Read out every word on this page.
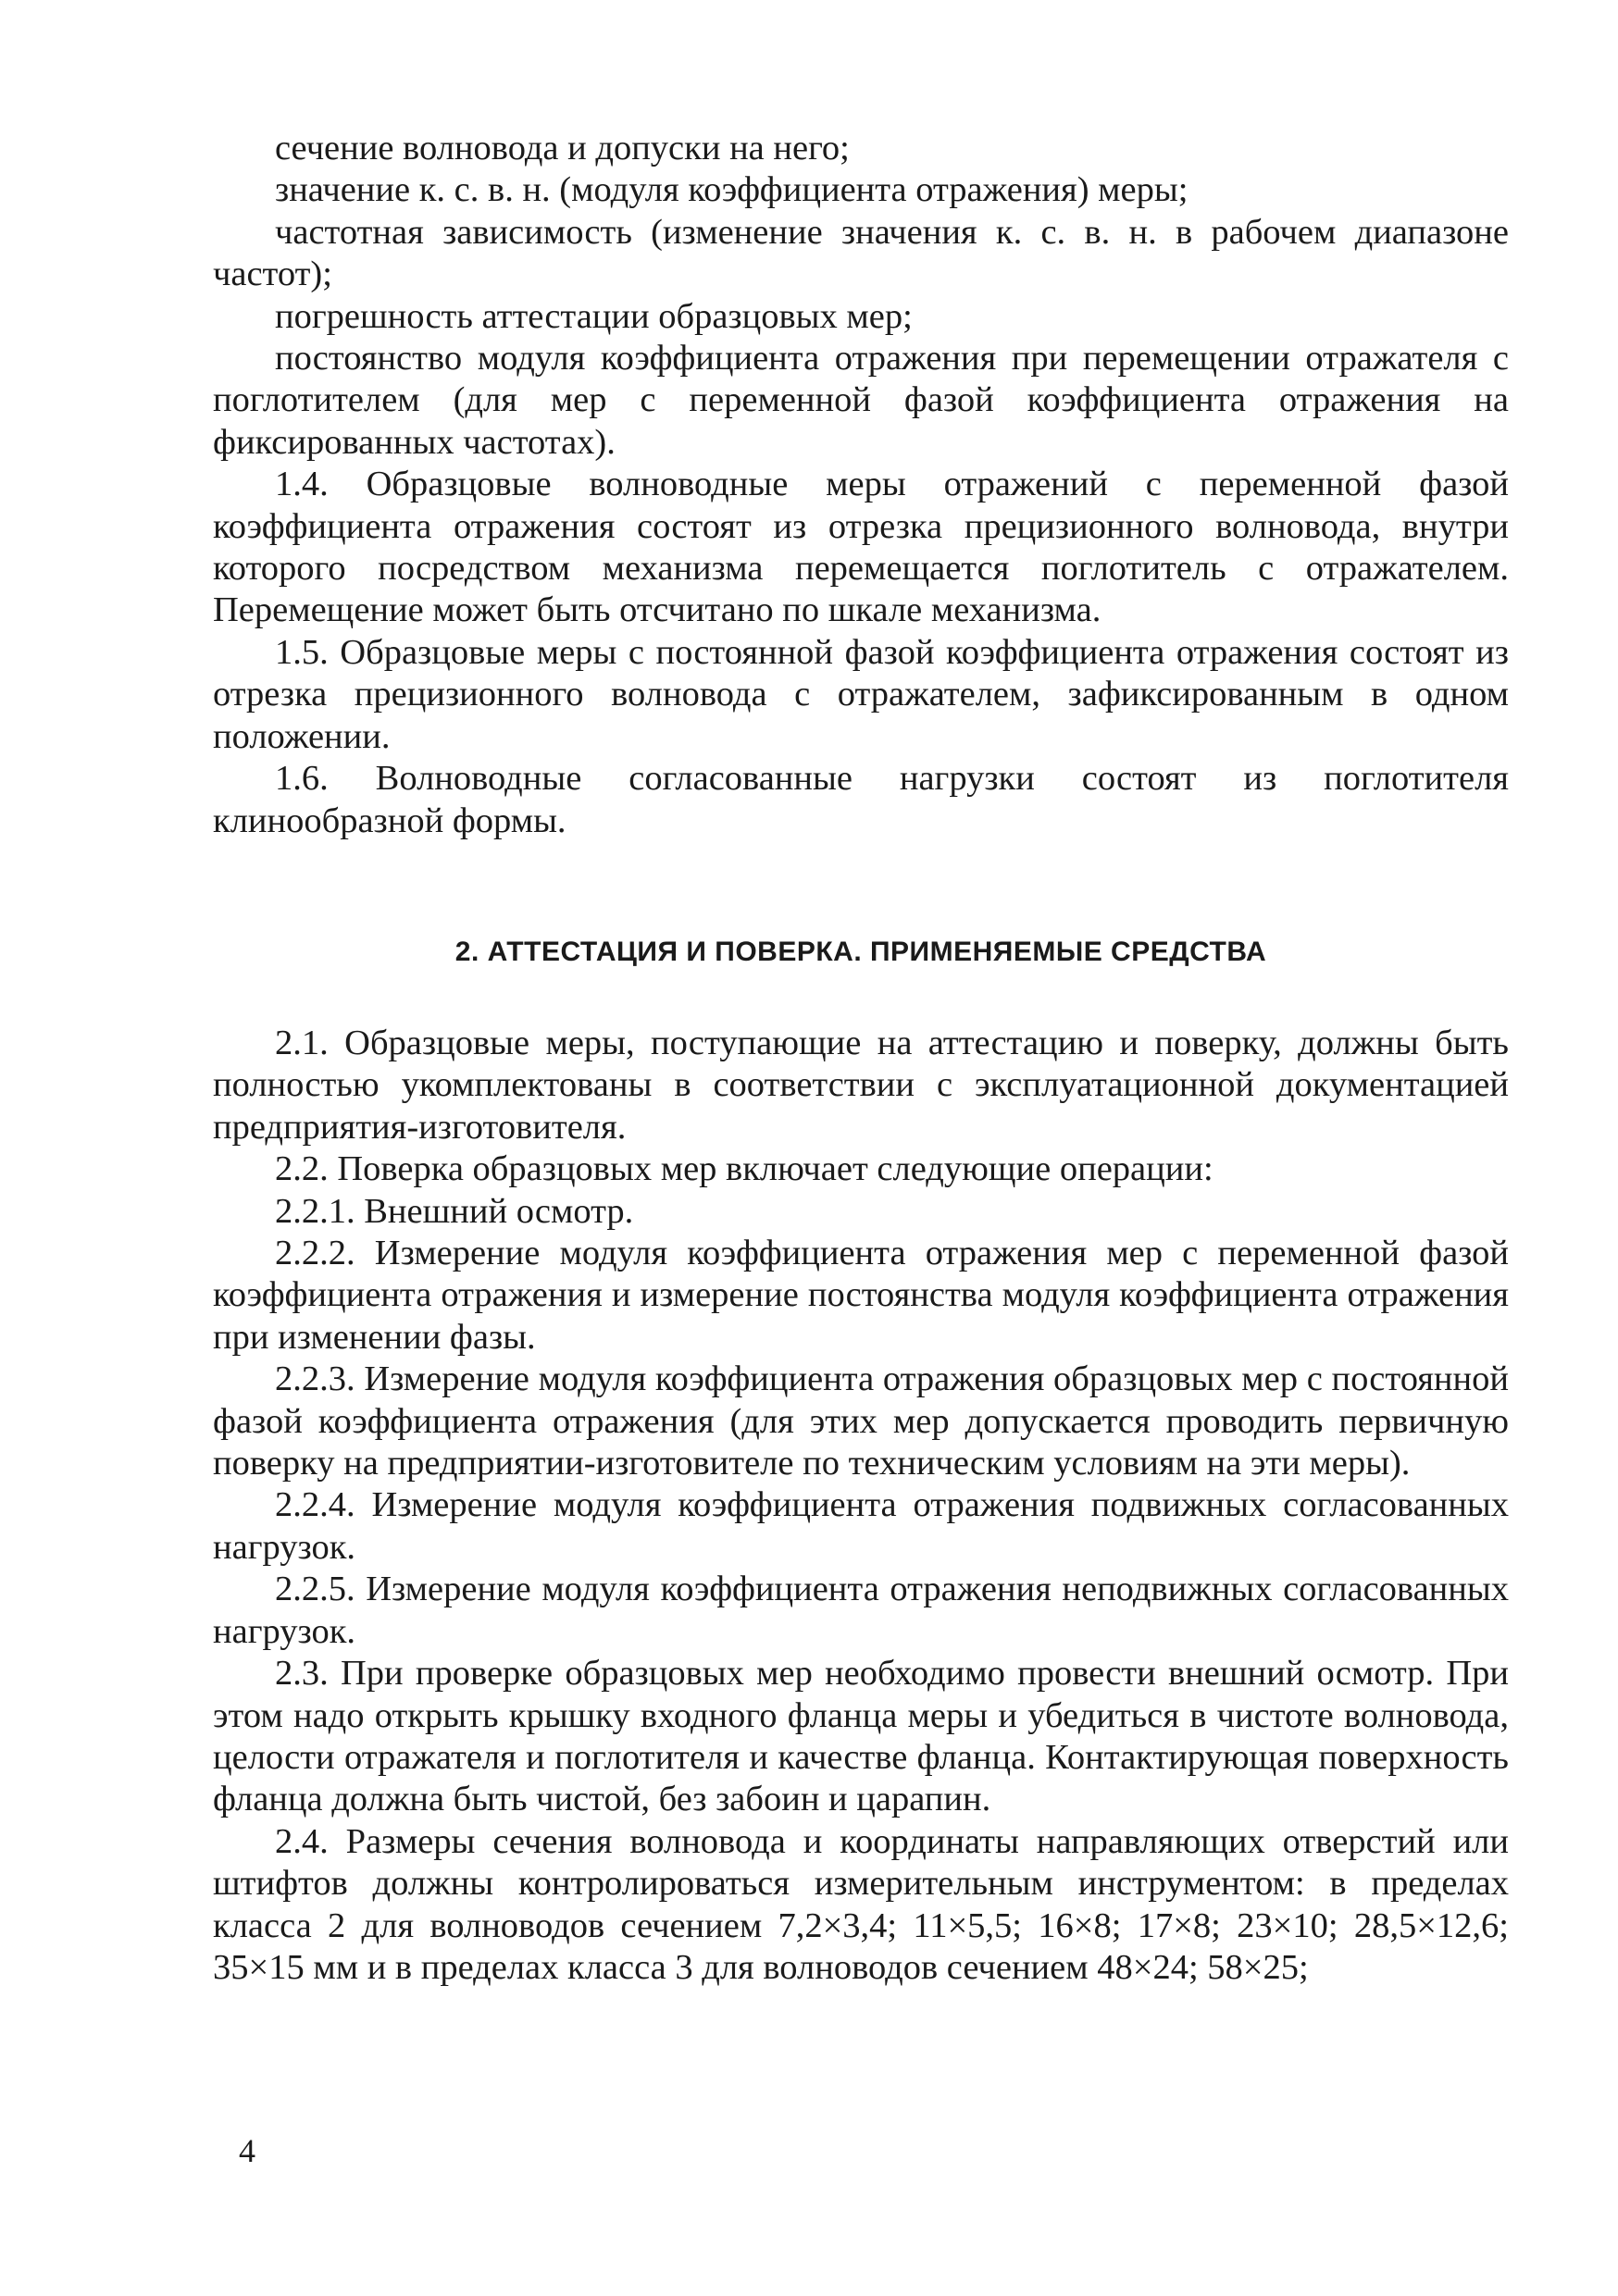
сечение волновода и допуски на него;

значение к. с. в. н. (модуля коэффициента отражения) меры;

частотная зависимость (изменение значения к. с. в. н. в рабочем диапазоне частот);

погрешность аттестации образцовых мер;

постоянство модуля коэффициента отражения при перемещении отражателя с поглотителем (для мер с переменной фазой коэффициента отражения на фиксированных частотах).

1.4. Образцовые волноводные меры отражений с переменной фазой коэффициента отражения состоят из отрезка прецизионного волновода, внутри которого посредством механизма перемещается поглотитель с отражателем. Перемещение может быть отсчитано по шкале механизма.

1.5. Образцовые меры с постоянной фазой коэффициента отражения состоят из отрезка прецизионного волновода с отражателем, зафиксированным в одном положении.

1.6. Волноводные согласованные нагрузки состоят из поглотителя клинообразной формы.

2. АТТЕСТАЦИЯ И ПОВЕРКА. ПРИМЕНЯЕМЫЕ СРЕДСТВА

2.1. Образцовые меры, поступающие на аттестацию и поверку, должны быть полностью укомплектованы в соответствии с эксплуатационной документацией предприятия-изготовителя.

2.2. Поверка образцовых мер включает следующие операции:

2.2.1. Внешний осмотр.

2.2.2. Измерение модуля коэффициента отражения мер с переменной фазой коэффициента отражения и измерение постоянства модуля коэффициента отражения при изменении фазы.

2.2.3. Измерение модуля коэффициента отражения образцовых мер с постоянной фазой коэффициента отражения (для этих мер допускается проводить первичную поверку на предприятии-изготовителе по техническим условиям на эти меры).

2.2.4. Измерение модуля коэффициента отражения подвижных согласованных нагрузок.

2.2.5. Измерение модуля коэффициента отражения неподвижных согласованных нагрузок.

2.3. При проверке образцовых мер необходимо провести внешний осмотр. При этом надо открыть крышку входного фланца меры и убедиться в чистоте волновода, целости отражателя и поглотителя и качестве фланца. Контактирующая поверхность фланца должна быть чистой, без забоин и царапин.

2.4. Размеры сечения волновода и координаты направляющих отверстий или штифтов должны контролироваться измерительным инструментом: в пределах класса 2 для волноводов сечением 7,2×3,4; 11×5,5; 16×8; 17×8; 23×10; 28,5×12,6; 35×15 мм и в пределах класса 3 для волноводов сечением 48×24; 58×25;

4
